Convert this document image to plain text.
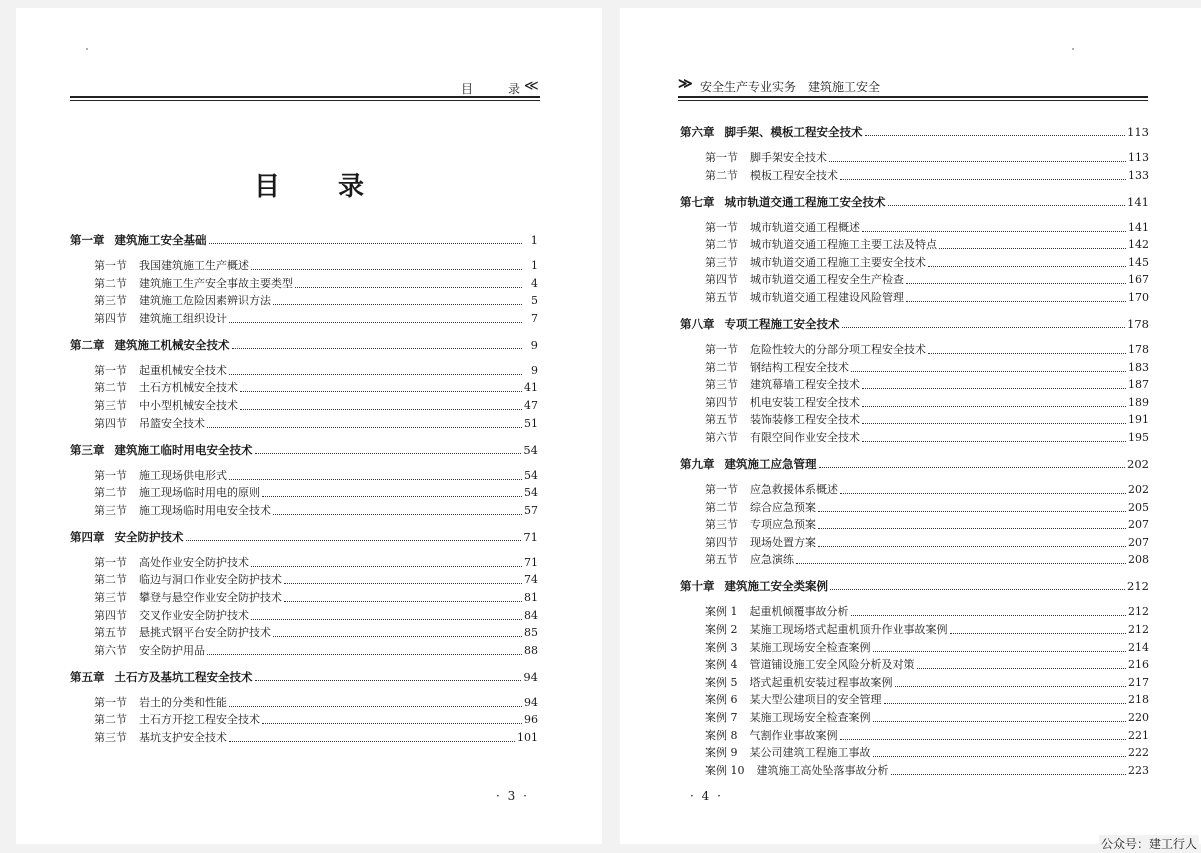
目	录 ≪
目录
第一章 建筑施工安全基础	1
第一节 我国建筑施工生产概述	1
第二节 建筑施工生产安全事故主要类型	4
第三节 建筑施工危险因素辨识方法	5
第四节 建筑施工组织设计	7
第二章 建筑施工机械安全技术	9
第一节 起重机械安全技术	9
第二节 土石方机械安全技术	41
第三节 中小型机械安全技术	47
第四节 吊篮安全技术	51
第三章 建筑施工临时用电安全技术	54
第一节 施工现场供电形式	54
第二节 施工现场临时用电的原则	54
第三节 施工现场临时用电安全技术	57
第四章 安全防护技术	71
第一节 高处作业安全防护技术	71
第二节 临边与洞口作业安全防护技术	74
第三节 攀登与悬空作业安全防护技术	81
第四节 交叉作业安全防护技术	84
第五节 悬挑式钢平台安全防护技术	85
第六节 安全防护用品	88
第五章 土石方及基坑工程安全技术	94
第一节 岩土的分类和性能	94
第二节 土石方开挖工程安全技术	96
第三节 基坑支护安全技术	101
· 3 ·
≫ 安全生产专业实务　建筑施工安全
第六章 脚手架、模板工程安全技术	113
第一节 脚手架安全技术	113
第二节 模板工程安全技术	133
第七章 城市轨道交通工程施工安全技术	141
第一节 城市轨道交通工程概述	141
第二节 城市轨道交通工程施工主要工法及特点	142
第三节 城市轨道交通工程施工主要安全技术	145
第四节 城市轨道交通工程安全生产检查	167
第五节 城市轨道交通工程建设风险管理	170
第八章 专项工程施工安全技术	178
第一节 危险性较大的分部分项工程安全技术	178
第二节 钢结构工程安全技术	183
第三节 建筑幕墙工程安全技术	187
第四节 机电安装工程安全技术	189
第五节 装饰装修工程安全技术	191
第六节 有限空间作业安全技术	195
第九章 建筑施工应急管理	202
第一节 应急救援体系概述	202
第二节 综合应急预案	205
第三节 专项应急预案	207
第四节 现场处置方案	207
第五节 应急演练	208
第十章 建筑施工安全类案例	212
案例 1 起重机倾覆事故分析	212
案例 2 某施工现场塔式起重机顶升作业事故案例	212
案例 3 某施工现场安全检查案例	214
案例 4 管道铺设施工安全风险分析及对策	216
案例 5 塔式起重机安装过程事故案例	217
案例 6 某大型公建项目的安全管理	218
案例 7 某施工现场安全检查案例	220
案例 8 气割作业事故案例	221
案例 9 某公司建筑工程施工事故	222
案例 10 建筑施工高处坠落事故分析	223
· 4 ·
公众号：建工行人
